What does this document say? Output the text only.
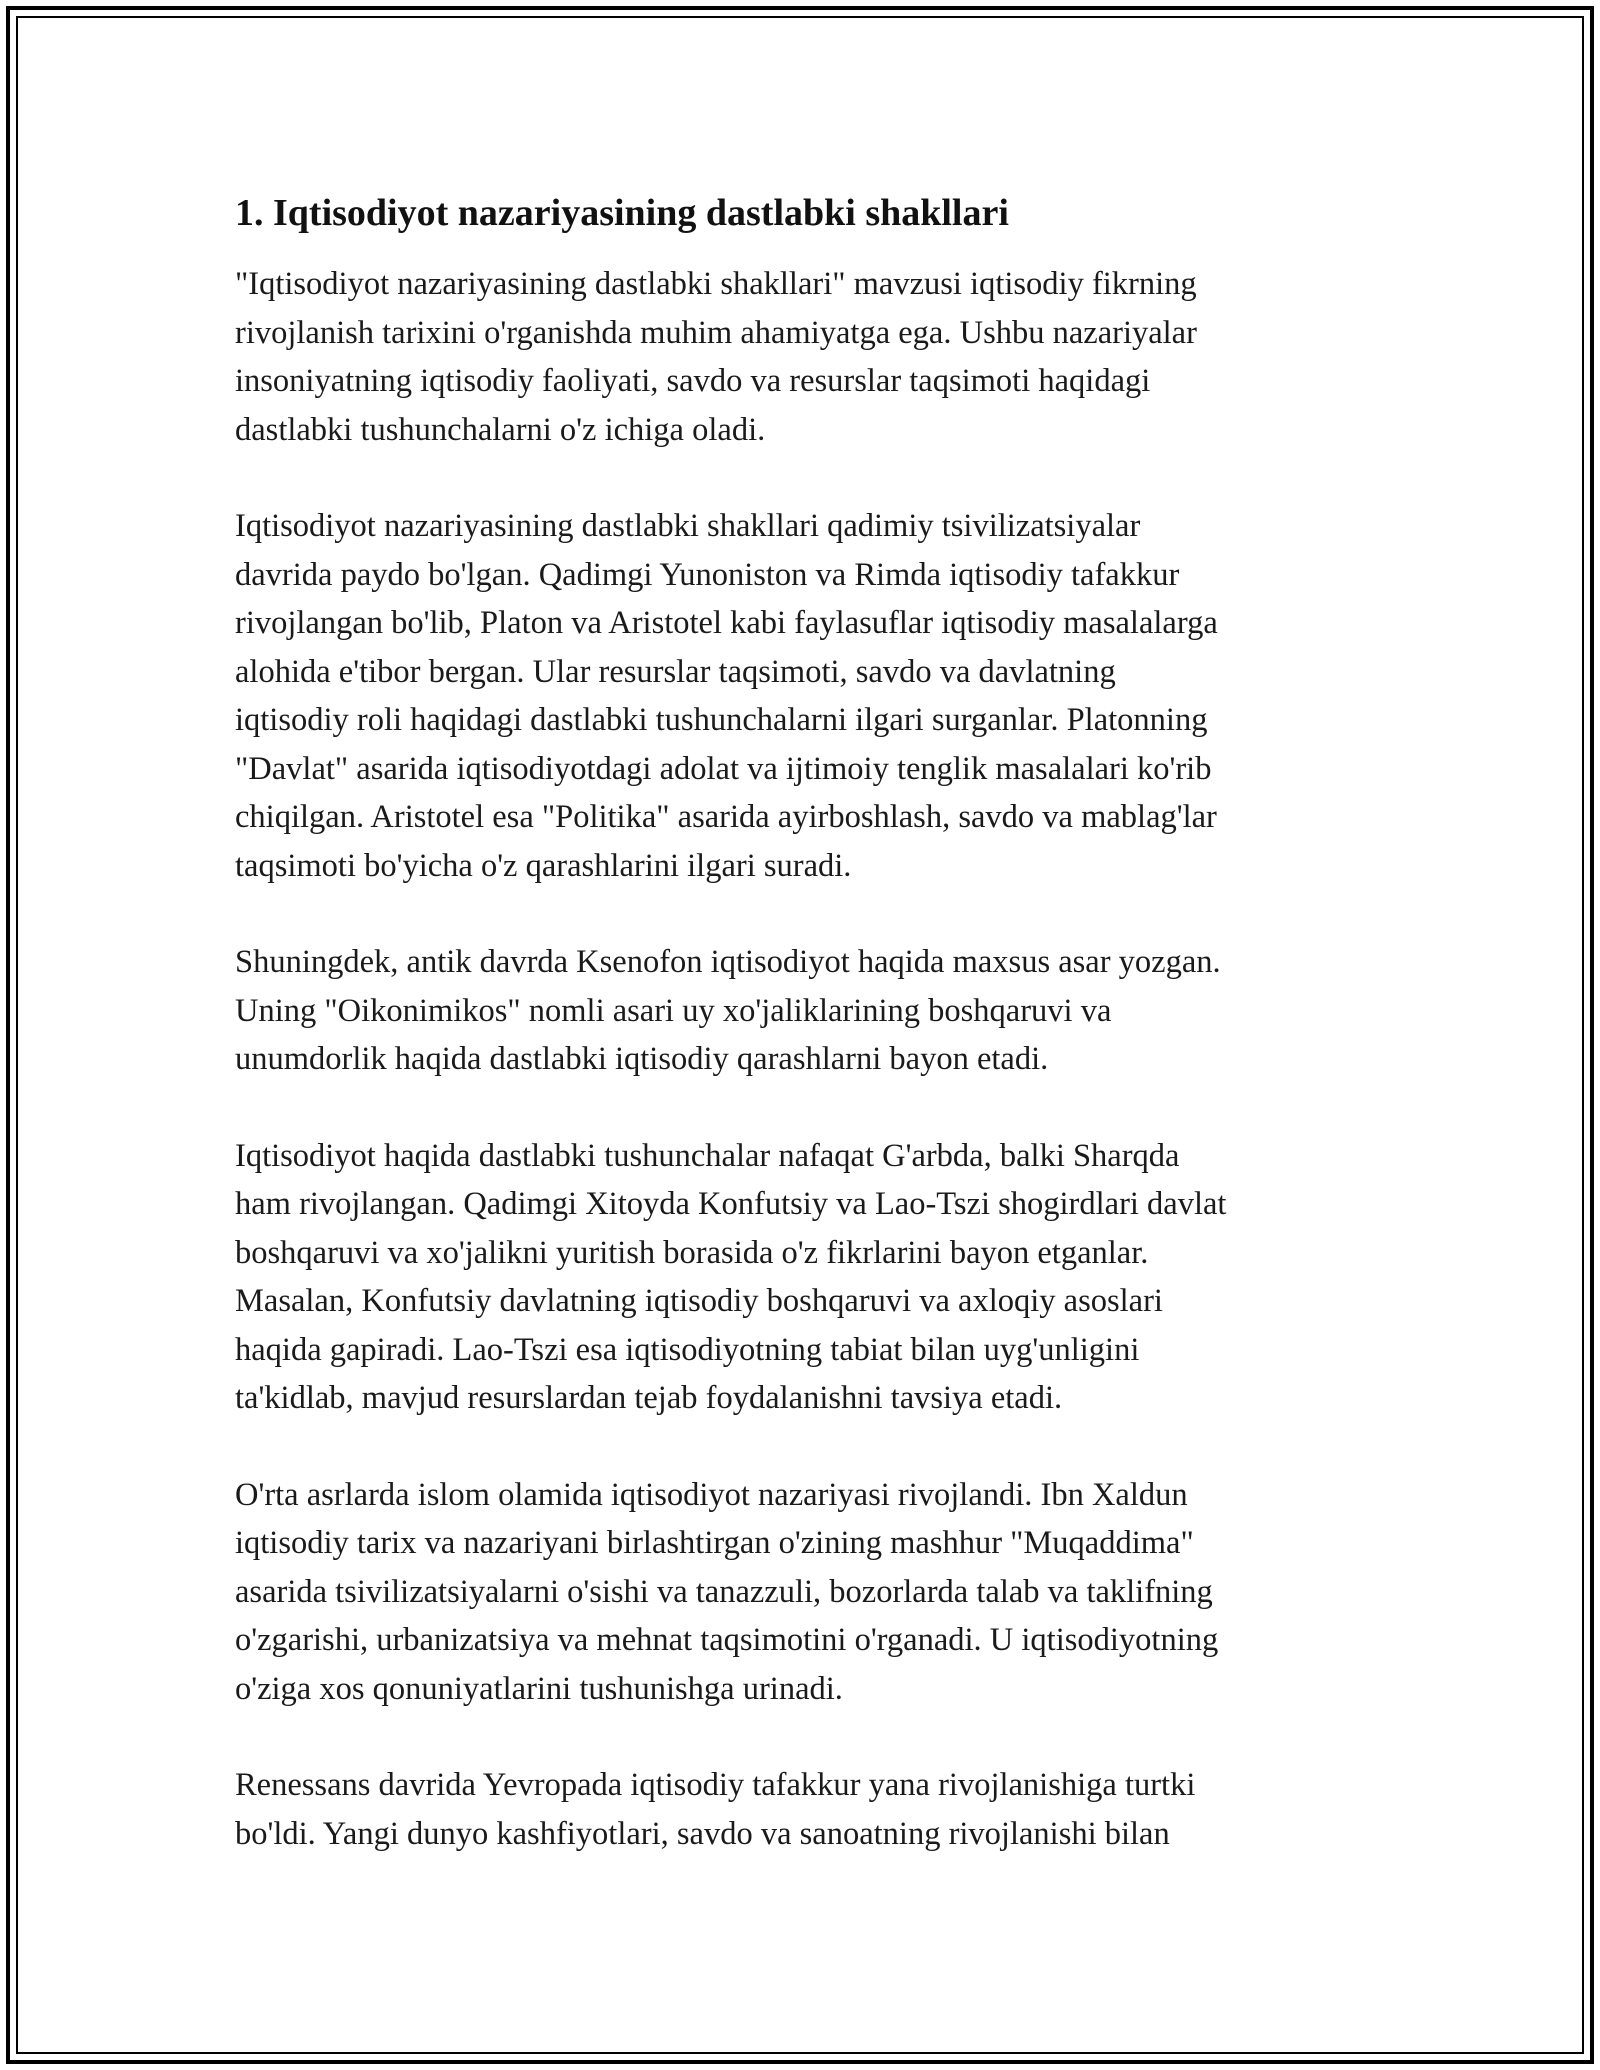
1. Iqtisodiyot nazariyasining dastlabki shakllari

"Iqtisodiyot nazariyasining dastlabki shakllari" mavzusi iqtisodiy fikrning
rivojlanish tarixini o'rganishda muhim ahamiyatga ega. Ushbu nazariyalar
insoniyatning iqtisodiy faoliyati, savdo va resurslar taqsimoti haqidagi
dastlabki tushunchalarni o'z ichiga oladi.

Iqtisodiyot nazariyasining dastlabki shakllari qadimiy tsivilizatsiyalar
davrida paydo bo'lgan. Qadimgi Yunoniston va Rimda iqtisodiy tafakkur
rivojlangan bo'lib, Platon va Aristotel kabi faylasuflar iqtisodiy masalalarga
alohida e'tibor bergan. Ular resurslar taqsimoti, savdo va davlatning
iqtisodiy roli haqidagi dastlabki tushunchalarni ilgari surganlar. Platonning
"Davlat" asarida iqtisodiyotdagi adolat va ijtimoiy tenglik masalalari ko'rib
chiqilgan. Aristotel esa "Politika" asarida ayirboshlash, savdo va mablag'lar
taqsimoti bo'yicha o'z qarashlarini ilgari suradi.

Shuningdek, antik davrda Ksenofon iqtisodiyot haqida maxsus asar yozgan.
Uning "Oikonimikos" nomli asari uy xo'jaliklarining boshqaruvi va
unumdorlik haqida dastlabki iqtisodiy qarashlarni bayon etadi.

Iqtisodiyot haqida dastlabki tushunchalar nafaqat G'arbda, balki Sharqda
ham rivojlangan. Qadimgi Xitoyda Konfutsiy va Lao-Tszi shogirdlari davlat
boshqaruvi va xo'jalikni yuritish borasida o'z fikrlarini bayon etganlar.
Masalan, Konfutsiy davlatning iqtisodiy boshqaruvi va axloqiy asoslari
haqida gapiradi. Lao-Tszi esa iqtisodiyotning tabiat bilan uyg'unligini
ta'kidlab, mavjud resurslardan tejab foydalanishni tavsiya etadi.

O'rta asrlarda islom olamida iqtisodiyot nazariyasi rivojlandi. Ibn Xaldun
iqtisodiy tarix va nazariyani birlashtirgan o'zining mashhur "Muqaddima"
asarida tsivilizatsiyalarni o'sishi va tanazzuli, bozorlarda talab va taklifning
o'zgarishi, urbanizatsiya va mehnat taqsimotini o'rganadi. U iqtisodiyotning
o'ziga xos qonuniyatlarini tushunishga urinadi.

Renessans davrida Yevropada iqtisodiy tafakkur yana rivojlanishiga turtki
bo'ldi. Yangi dunyo kashfiyotlari, savdo va sanoatning rivojlanishi bilan
